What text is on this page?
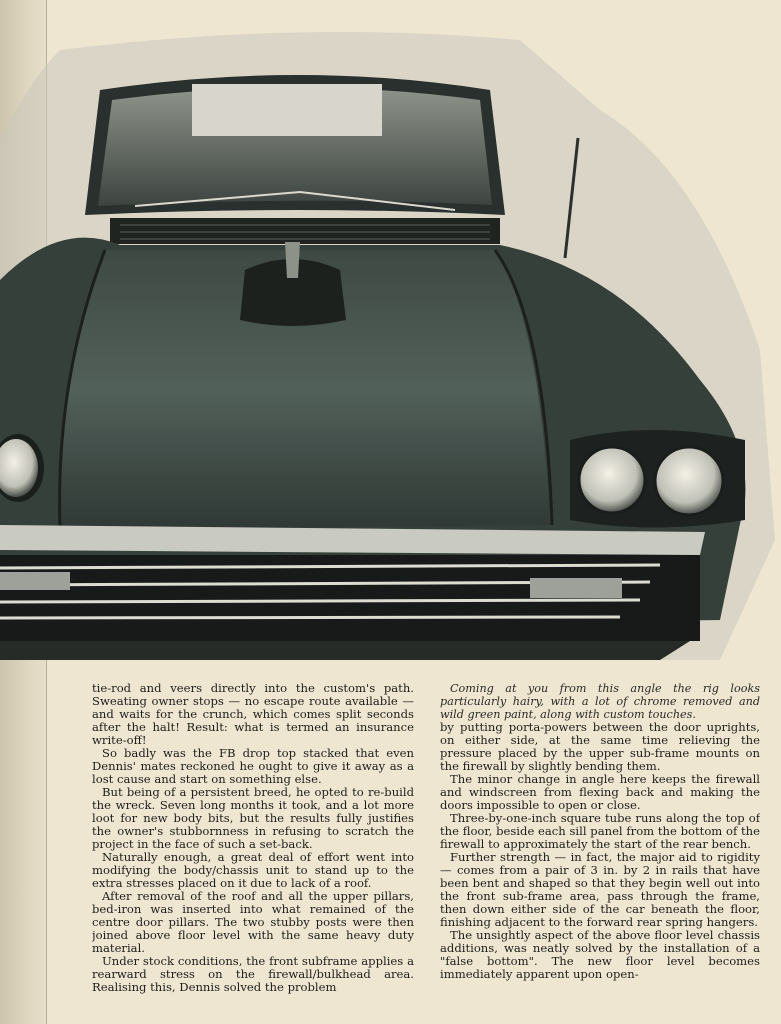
tie-rod and veers directly into the custom's path. Sweating owner stops — no escape route available — and waits for the crunch, which comes split seconds after the halt! Result: what is termed an insurance write-off!

So badly was the FB drop top stacked that even Dennis' mates reckoned he ought to give it away as a lost cause and start on something else.

But being of a persistent breed, he opted to re-build the wreck. Seven long months it took, and a lot more loot for new body bits, but the results fully justifies the owner's stubbornness in refusing to scratch the project in the face of such a set-back.

Naturally enough, a great deal of effort went into modifying the body/chassis unit to stand up to the extra stresses placed on it due to lack of a roof.

After removal of the roof and all the upper pillars, bed-iron was inserted into what remained of the centre door pillars. The two stubby posts were then joined above floor level with the same heavy duty material.

Under stock conditions, the front subframe applies a rearward stress on the firewall/bulkhead area. Realising this, Dennis solved the problem

Coming at you from this angle the rig looks particularly hairy, with a lot of chrome removed and wild green paint, along with custom touches.

by putting porta-powers between the door uprights, on either side, at the same time relieving the pressure placed by the upper sub-frame mounts on the firewall by slightly bending them.

The minor change in angle here keeps the firewall and windscreen from flexing back and making the doors impossible to open or close.

Three-by-one-inch square tube runs along the top of the floor, beside each sill panel from the bottom of the firewall to approximately the start of the rear bench.

Further strength — in fact, the major aid to rigidity — comes from a pair of 3 in. by 2 in rails that have been bent and shaped so that they begin well out into the front sub-frame area, pass through the frame, then down either side of the car beneath the floor, finishing adjacent to the forward rear spring hangers.

The unsightly aspect of the above floor level chassis additions, was neatly solved by the installation of a "false bottom". The new floor level becomes immediately apparent upon open-
